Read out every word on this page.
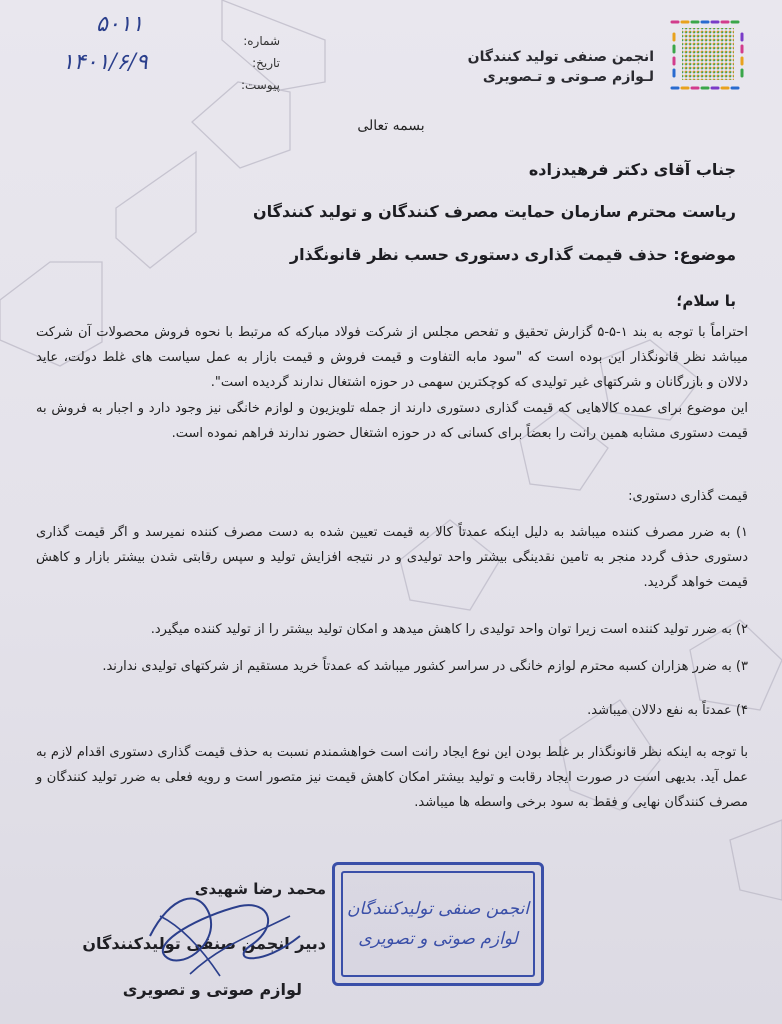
انجمن صنفی تولید کنندگان
لـوازم صـوتی و تـصویری
شماره:
تاریخ:
پیوست:
۵۰۱۱
۱۴۰۱/۶/۹
بسمه تعالی
جناب آقای دکتر فرهیدزاده
ریاست محترم سازمان حمایت مصرف کنندگان و تولید کنندگان
موضوع: حذف قیمت گذاری دستوری حسب نظر قانونگذار
با سلام؛

احتراماً با توجه به بند ۱-۵-۵ گزارش تحقیق و تفحص مجلس از شرکت فولاد مبارکه که مرتبط با نحوه فروش محصولات آن شرکت میباشد نظر قانونگذار این بوده است که "سود مابه التفاوت و قیمت فروش و قیمت بازار به عمل سیاست های غلط دولت، عاید دلالان و بازرگانان و شرکتهای غیر تولیدی که کوچکترین سهمی در حوزه اشتغال ندارند گردیده است".

این موضوع برای عمده کالاهایی که قیمت گذاری دستوری دارند از جمله تلویزیون و لوازم خانگی نیز وجود دارد و اجبار به فروش به قیمت دستوری مشابه همین رانت را بعضاً برای کسانی که در حوزه اشتغال حضور ندارند فراهم نموده است.

قیمت گذاری دستوری:

۱) به ضرر مصرف کننده میباشد به دلیل اینکه عمدتاً کالا به قیمت تعیین شده به دست مصرف کننده نمیرسد و اگر قیمت گذاری دستوری حذف گردد منجر به تامین نقدینگی بیشتر واحد تولیدی و در نتیجه افزایش تولید و سپس رقابتی شدن بیشتر بازار و کاهش قیمت خواهد گردید.

۲) به ضرر تولید کننده است زیرا توان واحد تولیدی را کاهش میدهد و امکان تولید بیشتر را از تولید کننده میگیرد.

۳) به ضرر هزاران کسبه محترم لوازم خانگی در سراسر کشور میباشد که عمدتاً خرید مستقیم از شرکتهای تولیدی ندارند.

۴) عمدتاً به نفع دلالان میباشد.

با توجه به اینکه نظر قانونگذار بر غلط بودن این نوع ایجاد رانت است خواهشمندم نسبت به حذف قیمت گذاری دستوری اقدام لازم به عمل آید. بدیهی است در صورت ایجاد رقابت و تولید بیشتر امکان کاهش قیمت نیز متصور است و رویه فعلی به ضرر تولید کنندگان و مصرف کنندگان نهایی و فقط به سود برخی واسطه ها میباشد.

انجمن صنفی تولیدکنندگان
لوازم صوتی و تصویری
محمد رضا شهیدی
دبیر انجمن صنفی تولیدکنندگان
لوازم صوتی و تصویری
